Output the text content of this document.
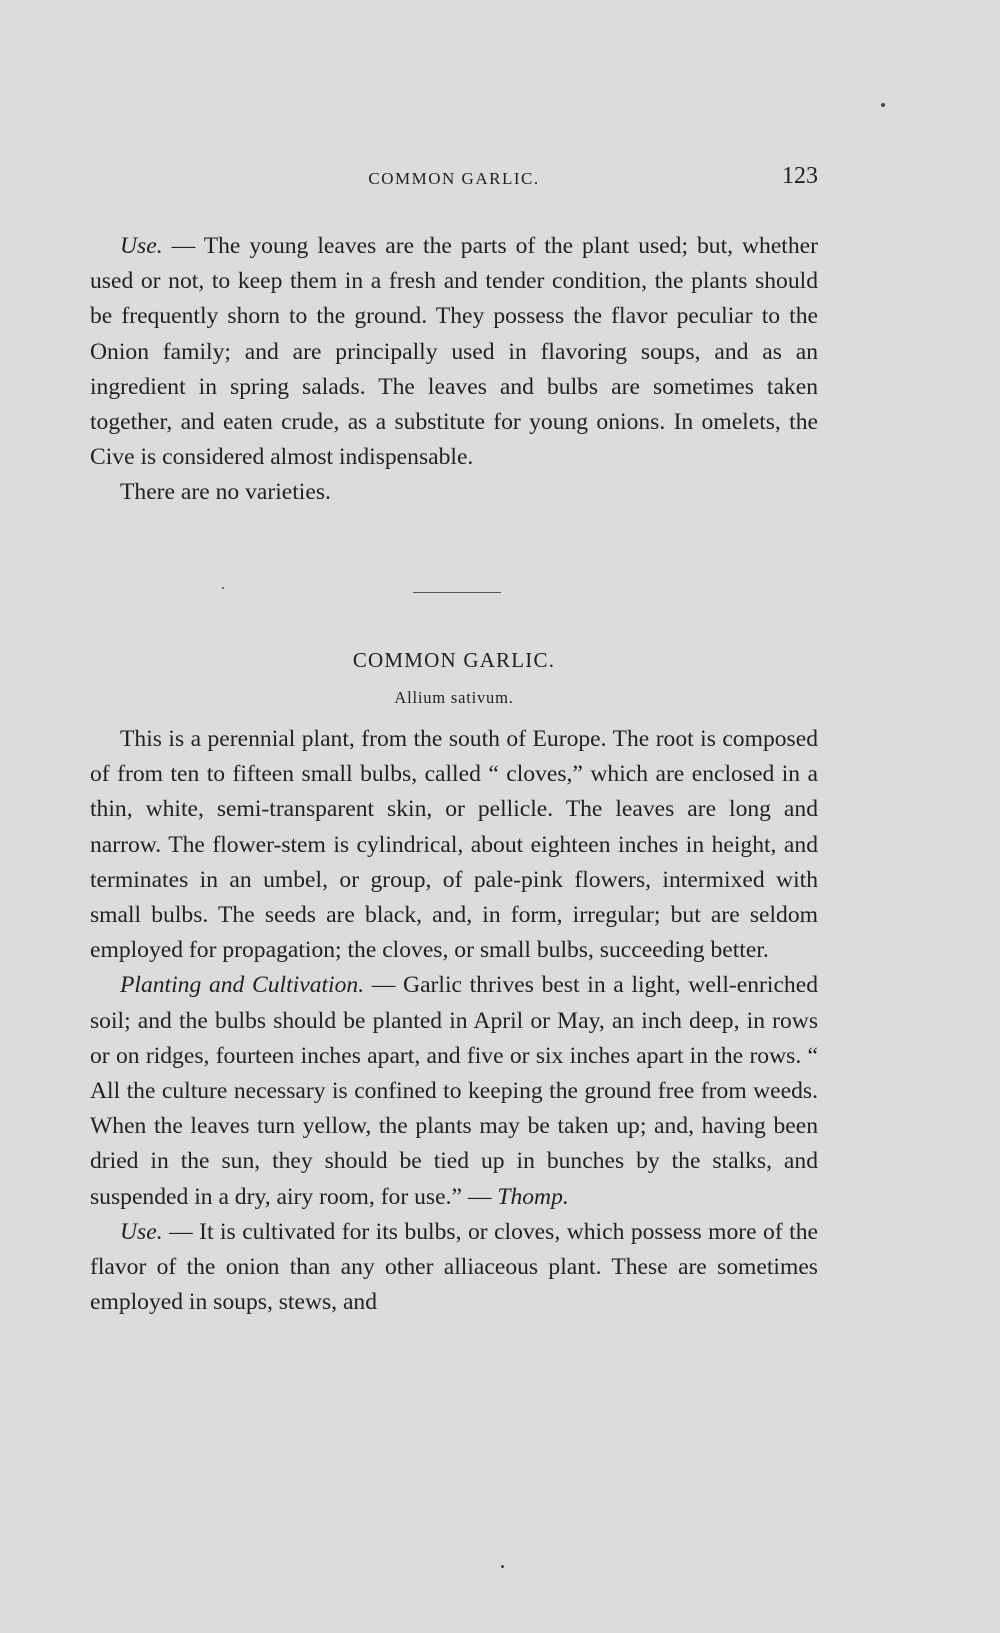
COMMON GARLIC.	123

Use. — The young leaves are the parts of the plant used; but, whether used or not, to keep them in a fresh and tender condition, the plants should be frequently shorn to the ground. They possess the flavor peculiar to the Onion family; and are principally used in flavoring soups, and as an ingredient in spring salads. The leaves and bulbs are sometimes taken together, and eaten crude, as a substitute for young onions. In omelets, the Cive is considered almost indispensable.

There are no varieties.

COMMON GARLIC.
Allium sativum.

This is a perennial plant, from the south of Europe. The root is composed of from ten to fifteen small bulbs, called “ cloves,” which are enclosed in a thin, white, semi-transparent skin, or pellicle. The leaves are long and narrow. The flower-stem is cylindrical, about eighteen inches in height, and terminates in an umbel, or group, of pale-pink flowers, intermixed with small bulbs. The seeds are black, and, in form, irregular; but are seldom employed for propagation; the cloves, or small bulbs, succeeding better.

Planting and Cultivation. — Garlic thrives best in a light, well-enriched soil; and the bulbs should be planted in April or May, an inch deep, in rows or on ridges, fourteen inches apart, and five or six inches apart in the rows. “ All the culture necessary is confined to keeping the ground free from weeds. When the leaves turn yellow, the plants may be taken up; and, having been dried in the sun, they should be tied up in bunches by the stalks, and suspended in a dry, airy room, for use.” — Thomp.

Use. — It is cultivated for its bulbs, or cloves, which possess more of the flavor of the onion than any other alliaceous plant. These are sometimes employed in soups, stews, and
